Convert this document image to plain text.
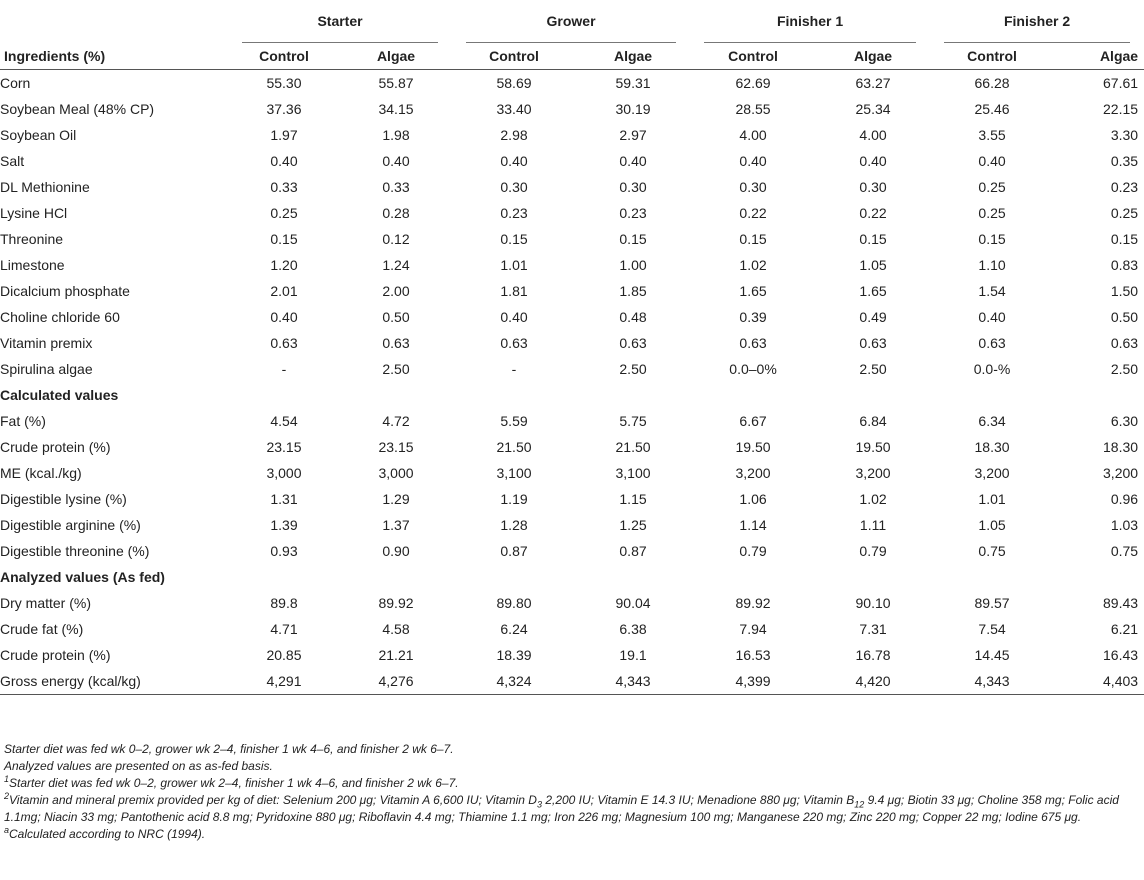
	Starter		Grower		Finisher 1		Finisher 2	

Ingredients (%)	Control	Algae	Control	Algae	Control	Algae	Control	Algae
Corn	55.30	55.87	58.69	59.31	62.69	63.27	66.28	67.61
Soybean Meal (48% CP)	37.36	34.15	33.40	30.19	28.55	25.34	25.46	22.15
Soybean Oil	1.97	1.98	2.98	2.97	4.00	4.00	3.55	3.30
Salt	0.40	0.40	0.40	0.40	0.40	0.40	0.40	0.35
DL Methionine	0.33	0.33	0.30	0.30	0.30	0.30	0.25	0.23
Lysine HCl	0.25	0.28	0.23	0.23	0.22	0.22	0.25	0.25
Threonine	0.15	0.12	0.15	0.15	0.15	0.15	0.15	0.15
Limestone	1.20	1.24	1.01	1.00	1.02	1.05	1.10	0.83
Dicalcium phosphate	2.01	2.00	1.81	1.85	1.65	1.65	1.54	1.50
Choline chloride 60	0.40	0.50	0.40	0.48	0.39	0.49	0.40	0.50
Vitamin premix	0.63	0.63	0.63	0.63	0.63	0.63	0.63	0.63
Spirulina algae	-	2.50	-	2.50	0.0–0%	2.50	0.0-%	2.50
Calculated values								
Fat (%)	4.54	4.72	5.59	5.75	6.67	6.84	6.34	6.30
Crude protein (%)	23.15	23.15	21.50	21.50	19.50	19.50	18.30	18.30
ME (kcal./kg)	3,000	3,000	3,100	3,100	3,200	3,200	3,200	3,200
Digestible lysine (%)	1.31	1.29	1.19	1.15	1.06	1.02	1.01	0.96
Digestible arginine (%)	1.39	1.37	1.28	1.25	1.14	1.11	1.05	1.03
Digestible threonine (%)	0.93	0.90	0.87	0.87	0.79	0.79	0.75	0.75
Analyzed values (As fed)								
Dry matter (%)	89.8	89.92	89.80	90.04	89.92	90.10	89.57	89.43
Crude fat (%)	4.71	4.58	6.24	6.38	7.94	7.31	7.54	6.21
Crude protein (%)	20.85	21.21	18.39	19.1	16.53	16.78	14.45	16.43
Gross energy (kcal/kg)	4,291	4,276	4,324	4,343	4,399	4,420	4,343	4,403

Starter diet was fed wk 0–2, grower wk 2–4, finisher 1 wk 4–6, and finisher 2 wk 6–7.

Analyzed values are presented on as as-fed basis.

$^1$Starter diet was fed wk 0–2, grower wk 2–4, finisher 1 wk 4–6, and finisher 2 wk 6–7.

$^2$Vitamin and mineral premix provided per kg of diet: Selenium 200 μg; Vitamin A 6,600 IU; Vitamin $D_3$ 2,200 IU; Vitamin E 14.3 IU; Menadione 880 μg; Vitamin $B_{12}$ 9.4 μg; Biotin 33 μg; Choline 358 mg; Folic acid 1.1mg; Niacin 33 mg; Pantothenic acid 8.8 mg; Pyridoxine 880 μg; Riboflavin 4.4 mg; Thiamine 1.1 mg; Iron 226 mg; Magnesium 100 mg; Manganese 220 mg; Zinc 220 mg; Copper 22 mg; Iodine 675 μg.

$^a$Calculated according to NRC (1994).
